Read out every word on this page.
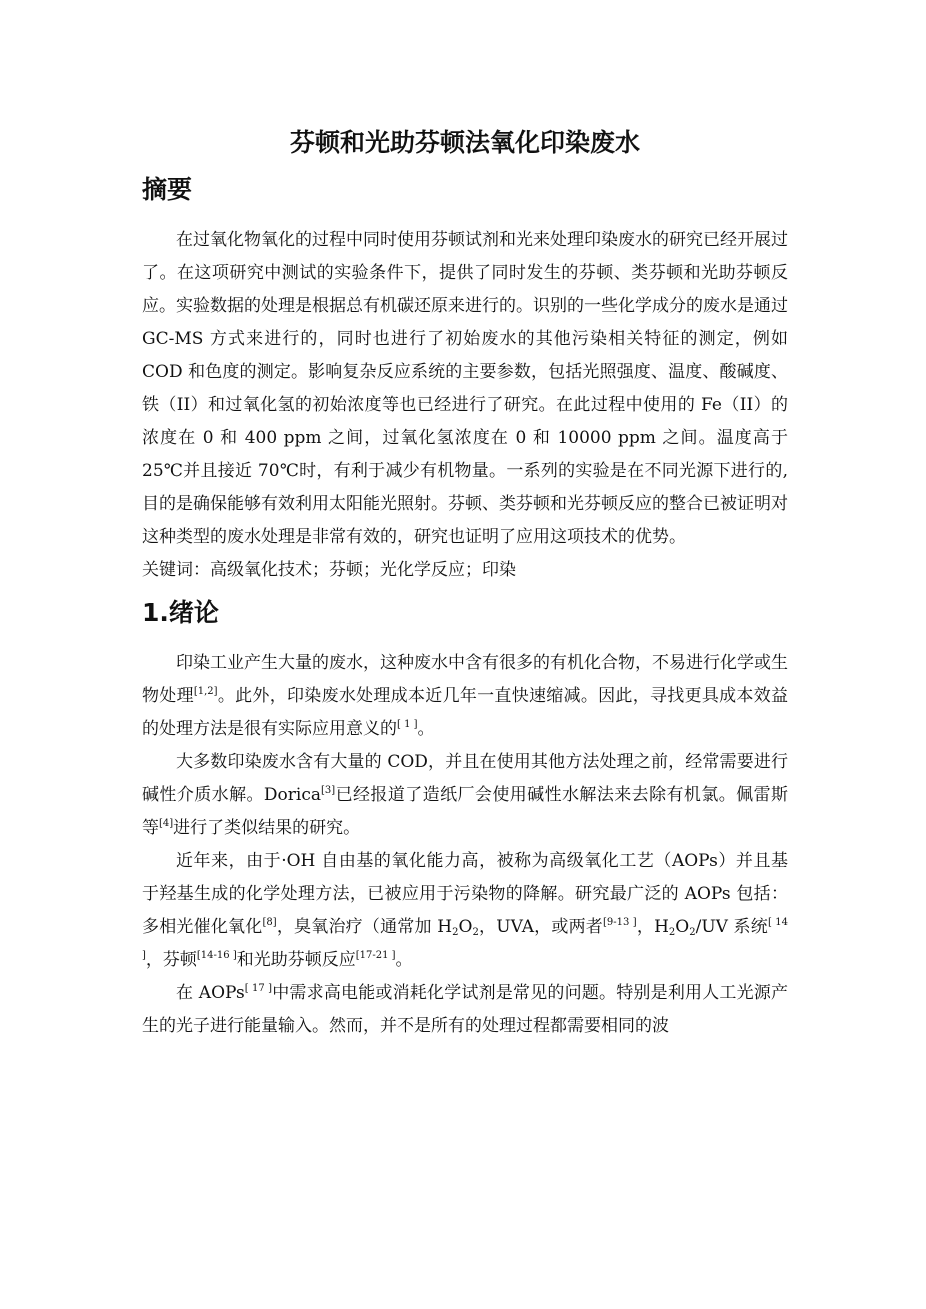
芬顿和光助芬顿法氧化印染废水
摘要

在过氧化物氧化的过程中同时使用芬顿试剂和光来处理印染废水的研究已经开展过了。在这项研究中测试的实验条件下，提供了同时发生的芬顿、类芬顿和光助芬顿反应。实验数据的处理是根据总有机碳还原来进行的。识别的一些化学成分的废水是通过 GC-MS 方式来进行的，同时也进行了初始废水的其他污染相关特征的测定，例如 COD 和色度的测定。影响复杂反应系统的主要参数，包括光照强度、温度、酸碱度、铁（II）和过氧化氢的初始浓度等也已经进行了研究。在此过程中使用的 Fe（II）的浓度在 0 和 400 ppm 之间，过氧化氢浓度在 0 和 10000 ppm 之间。温度高于 25℃并且接近 70℃时，有利于减少有机物量。一系列的实验是在不同光源下进行的, 目的是确保能够有效利用太阳能光照射。芬顿、类芬顿和光芬顿反应的整合已被证明对这种类型的废水处理是非常有效的，研究也证明了应用这项技术的优势。

关键词：高级氧化技术；芬顿；光化学反应；印染

1.绪论

印染工业产生大量的废水，这种废水中含有很多的有机化合物，不易进行化学或生物处理[1,2]。此外，印染废水处理成本近几年一直快速缩减。因此，寻找更具成本效益的处理方法是很有实际应用意义的[ 1 ]。

大多数印染废水含有大量的 COD，并且在使用其他方法处理之前，经常需要进行碱性介质水解。Dorica[3]已经报道了造纸厂会使用碱性水解法来去除有机氯。佩雷斯等[4]进行了类似结果的研究。

近年来，由于·OH 自由基的氧化能力高，被称为高级氧化工艺（AOPs）并且基于羟基生成的化学处理方法，已被应用于污染物的降解。研究最广泛的 AOPs 包括：多相光催化氧化[8]，臭氧治疗（通常加 $H_2O_2$，UVA，或两者[9-13 ]，$H_2O_2/UV$ 系统[ 14 ]，芬顿[14-16 ]和光助芬顿反应[17-21 ]。

在 AOPs[ 17 ]中需求高电能或消耗化学试剂是常见的问题。特别是利用人工光源产生的光子进行能量输入。然而，并不是所有的处理过程都需要相同的波
